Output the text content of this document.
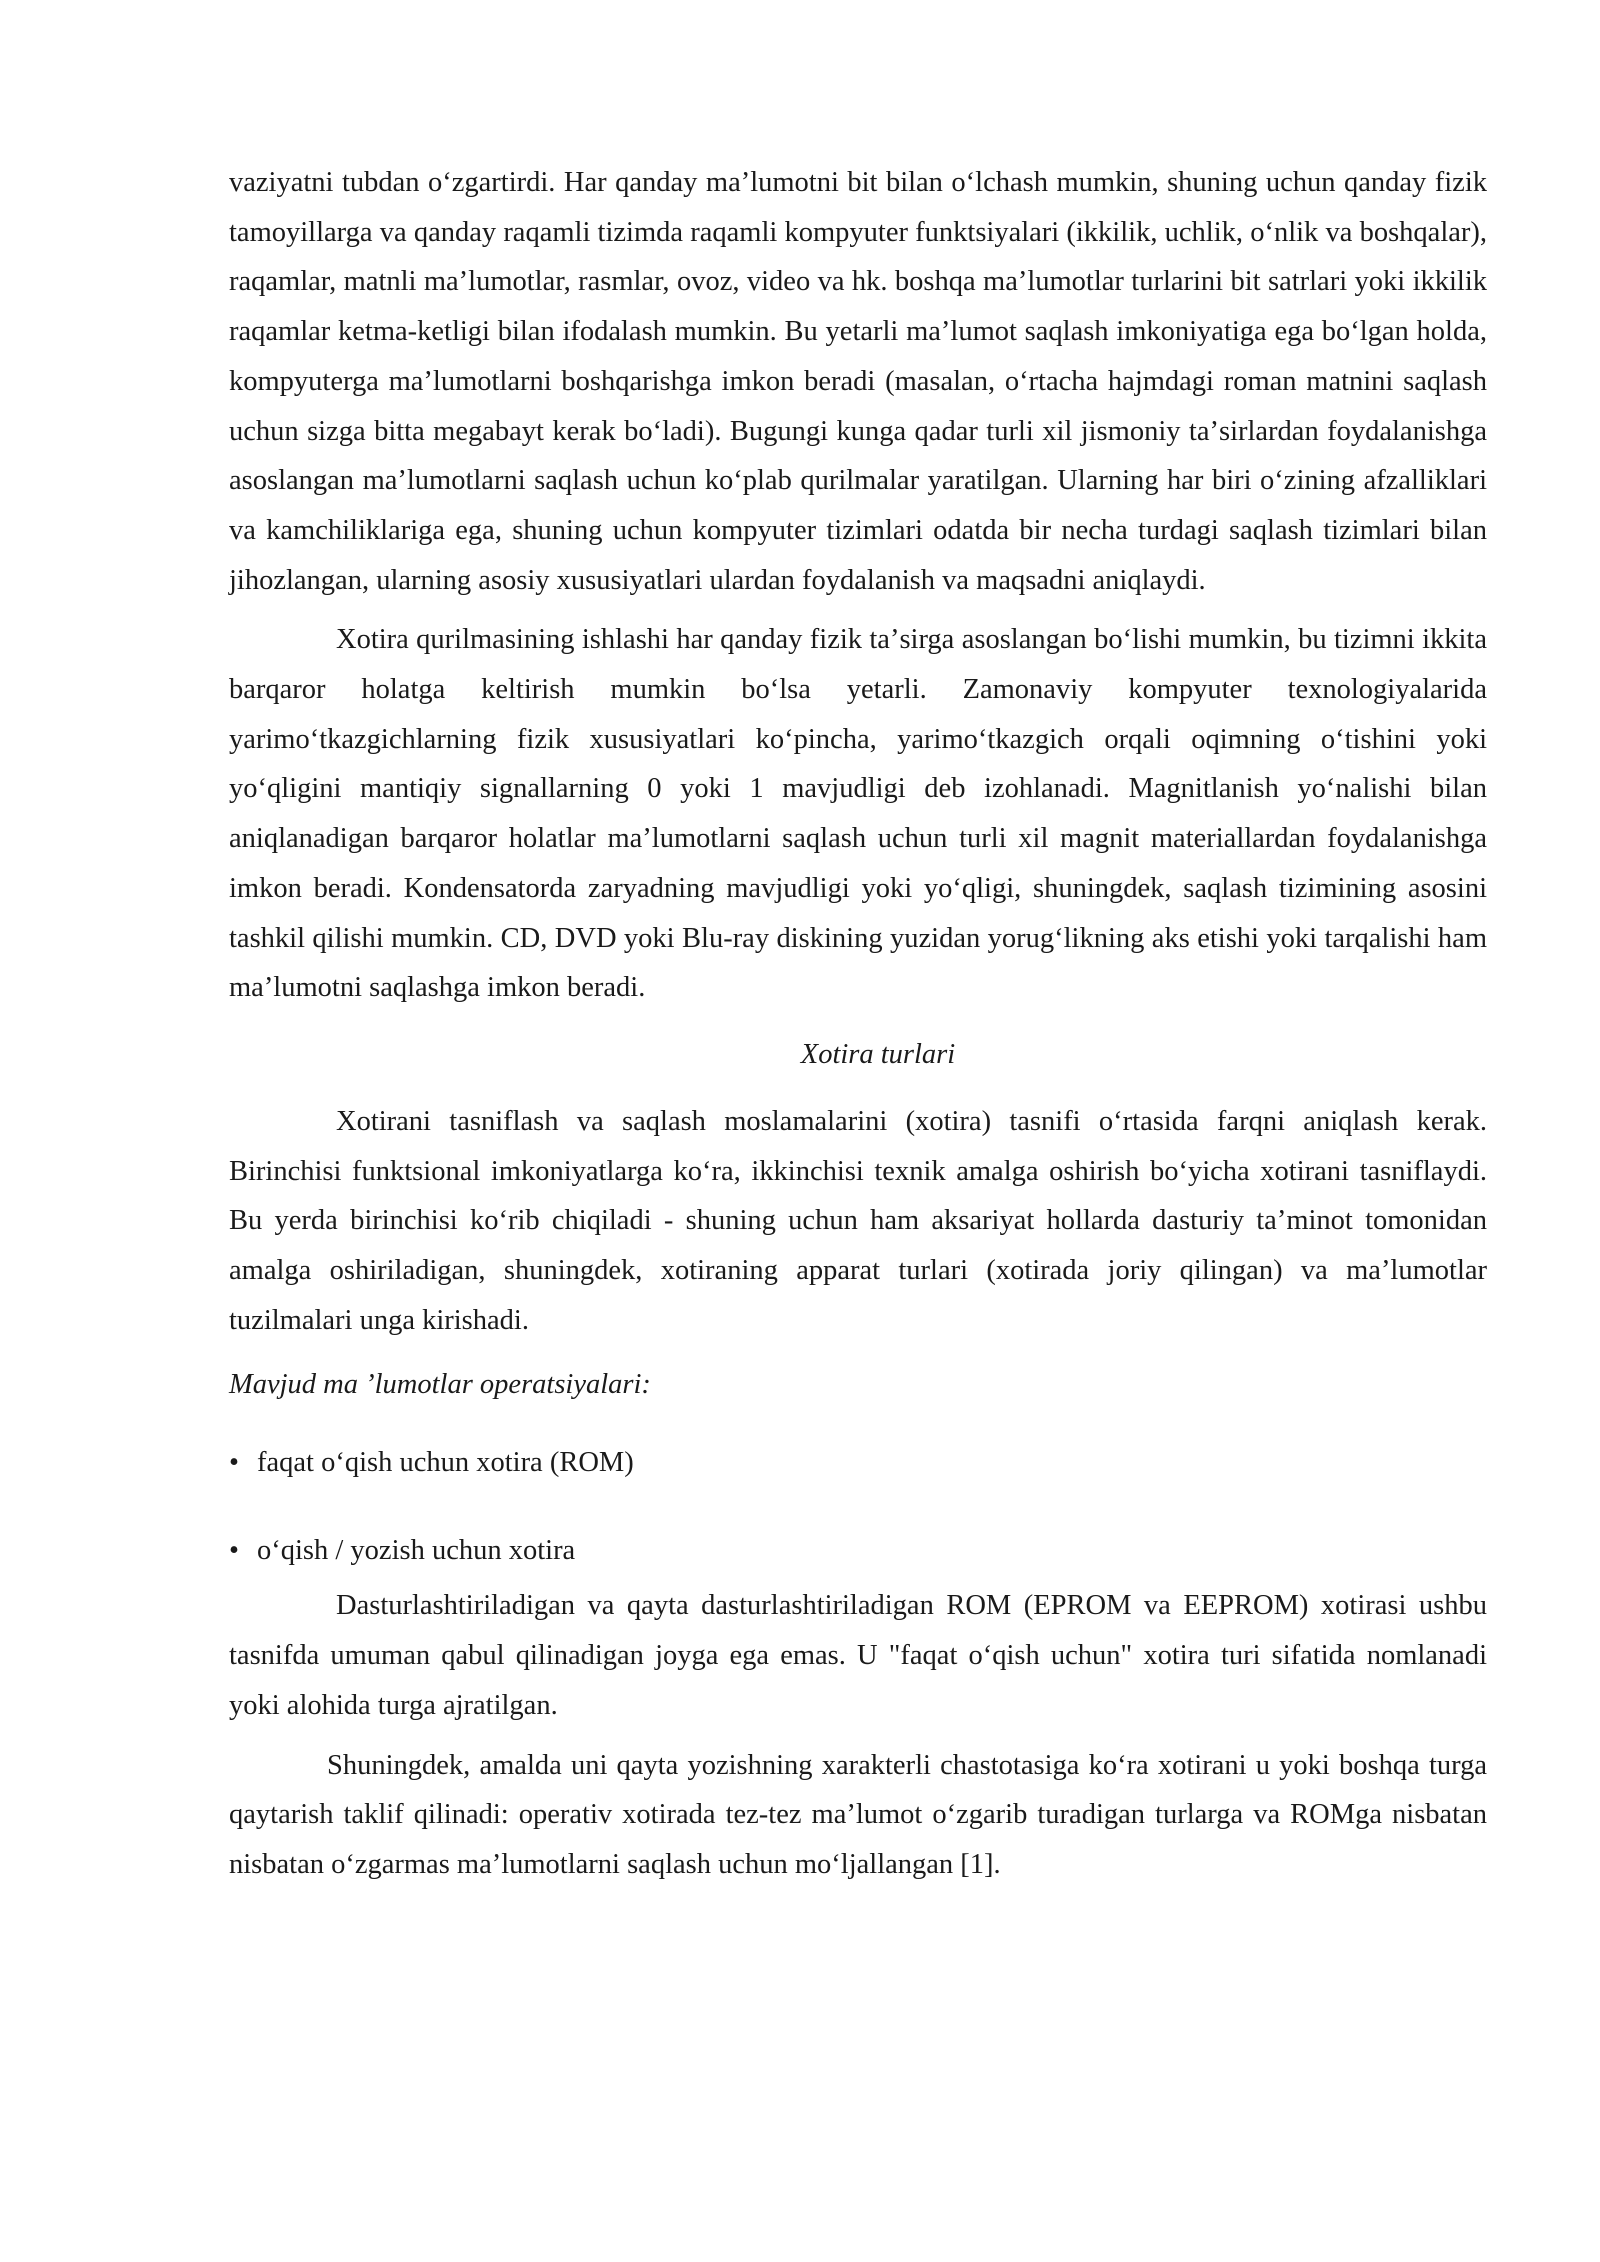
vaziyatni tubdan oʻzgartirdi. Har qanday maʼlumotni bit bilan oʻlchash mumkin, shuning uchun qanday fizik tamoyillarga va qanday raqamli tizimda raqamli kompyuter funktsiyalari (ikkilik, uchlik, oʻnlik va boshqalar), raqamlar, matnli maʼlumotlar, rasmlar, ovoz, video va hk. boshqa maʼlumotlar turlarini bit satrlari yoki ikkilik raqamlar ketma-ketligi bilan ifodalash mumkin. Bu yetarli maʼlumot saqlash imkoniyatiga ega boʻlgan holda, kompyuterga maʼlumotlarni boshqarishga imkon beradi (masalan, oʻrtacha hajmdagi roman matnini saqlash uchun sizga bitta megabayt kerak boʻladi). Bugungi kunga qadar turli xil jismoniy taʼsirlardan foydalanishga asoslangan maʼlumotlarni saqlash uchun koʻplab qurilmalar yaratilgan. Ularning har biri oʻzining afzalliklari va kamchiliklariga ega, shuning uchun kompyuter tizimlari odatda bir necha turdagi saqlash tizimlari bilan jihozlangan, ularning asosiy xususiyatlari ulardan foydalanish va maqsadni aniqlaydi.

Xotira qurilmasining ishlashi har qanday fizik taʼsirga asoslangan boʻlishi mumkin, bu tizimni ikkita barqaror holatga keltirish mumkin boʻlsa yetarli. Zamonaviy kompyuter texnologiyalarida yarimoʻtkazgichlarning fizik xususiyatlari koʻpincha, yarimoʻtkazgich orqali oqimning oʻtishini yoki yoʻqligini mantiqiy signallarning 0 yoki 1 mavjudligi deb izohlanadi. Magnitlanish yoʻnalishi bilan aniqlanadigan barqaror holatlar maʼlumotlarni saqlash uchun turli xil magnit materiallardan foydalanishga imkon beradi. Kondensatorda zaryadning mavjudligi yoki yoʻqligi, shuningdek, saqlash tizimining asosini tashkil qilishi mumkin. CD, DVD yoki Blu-ray diskining yuzidan yorugʻlikning aks etishi yoki tarqalishi ham maʼlumotni saqlashga imkon beradi.

Xotira turlari

Xotirani tasniflash va saqlash moslamalarini (xotira) tasnifi oʻrtasida farqni aniqlash kerak. Birinchisi funktsional imkoniyatlarga koʻra, ikkinchisi texnik amalga oshirish boʻyicha xotirani tasniflaydi. Bu yerda birinchisi koʻrib chiqiladi - shuning uchun ham aksariyat hollarda dasturiy taʼminot tomonidan amalga oshiriladigan, shuningdek, xotiraning apparat turlari (xotirada joriy qilingan) va maʼlumotlar tuzilmalari unga kirishadi.

Mavjud ma ’lumotlar operatsiyalari:

• faqat oʻqish uchun xotira (ROM)
• oʻqish / yozish uchun xotira

Dasturlashtiriladigan va qayta dasturlashtiriladigan ROM (EPROM va EEPROM) xotirasi ushbu tasnifda umuman qabul qilinadigan joyga ega emas. U "faqat oʻqish uchun" xotira turi sifatida nomlanadi yoki alohida turga ajratilgan.

Shuningdek, amalda uni qayta yozishning xarakterli chastotasiga koʻra xotirani u yoki boshqa turga qaytarish taklif qilinadi: operativ xotirada tez-tez maʼlumot oʻzgarib turadigan turlarga va ROMga nisbatan nisbatan oʻzgarmas maʼlumotlarni saqlash uchun moʻljallangan [1].
